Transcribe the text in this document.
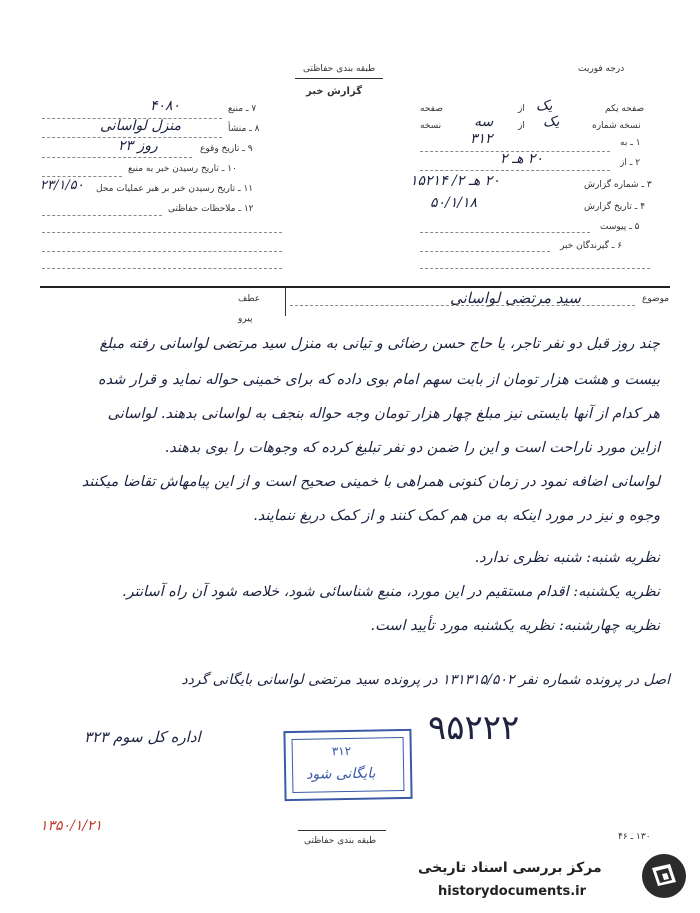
درجه فوریت
طبقه بندی حفاظتی
گزارش خبر
صفحه یکم
یک
از
صفحه
نسخه شماره
یک
از
سه
نسخه
۱ ـ به
۳۱۲
۲ ـ از
۲۰ هـ ۲
۳ ـ شماره گزارش
۲۰ هـ ۲/ ۱۵۲۱۴
۴ ـ تاریخ گزارش
۵۰/۱/۱۸
۵ ـ پیوست
۶ ـ گیرندگان خبر
۷ ـ منبع
۴۰۸۰
۸ ـ منشأ
منزل لواسانی
۹ ـ تاریخ وقوع
روز ۲۳
۱۰ ـ تاریخ رسیدن خبر به منبع
۱۱ ـ تاریخ رسیدن خبر بر هبر عملیات محل
۲۳/۱/۵۰
۱۲ ـ ملاحظات حفاظتی
موضوع
سید مرتضی لواسانی
عطف
پیرو
چند روز قبل دو نفر تاجر، یا حاج حسن رضائی و تیانی به منزل سید مرتضی لواسانی رفته مبلغ
بیست و هشت هزار تومان از بابت سهم امام بوی داده که برای خمینی حواله نماید و قرار شده
هر کدام از آنها بایستی نیز مبلغ چهار هزار تومان وجه حواله بنجف به لواسانی بدهند. لواسانی
ازاین مورد ناراحت است و این را ضمن دو نفر تبلیغ کرده که وجوهات را بوی بدهند.
لواسانی اضافه نمود در زمان کنونی همراهی با خمینی صحیح است و از این پیامهاش تقاضا میکنند
وجوه و نیز در مورد اینکه به من هم کمک کنند و از کمک دریغ ننمایند.
نظریه شنبه: شنبه نظری ندارد.
نظریه یکشنبه: اقدام مستقیم در این مورد، منبع شناسائی شود، خلاصه شود آن راه آسانتر.
نظریه چهارشنبه: نظریه یکشنبه مورد تأیید است.
اصل در پرونده شماره نفر ۱۳۱۳۱۵/۵۰۲ در پرونده سید مرتضی لواسانی بایگانی گردد
اداره کل سوم ۳۲۳	۹۵۲۲۲
۱۳۵۰/۱/۲۱
۳۱۲
بایگانی شود
طبقه بندی حفاظتی	۱۳۰ ـ ۴۶
مرکز بررسی اسناد تاریخی
historydocuments.ir
